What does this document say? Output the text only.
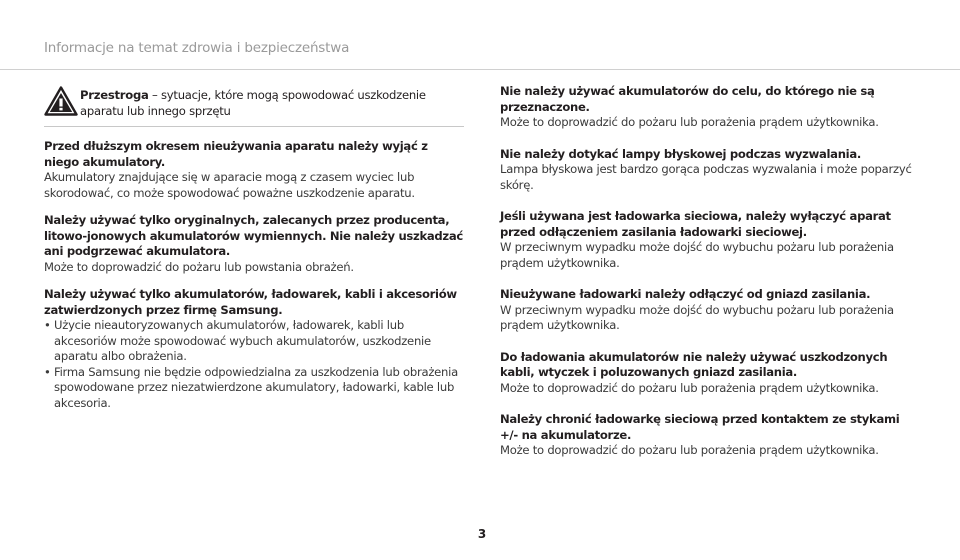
Informacje na temat zdrowia i bezpieczeństwa
Przestroga – sytuacje, które mogą spowodować uszkodzenie aparatu lub innego sprzętu
Przed dłuższym okresem nieużywania aparatu należy wyjąć z niego akumulatory.
Akumulatory znajdujące się w aparacie mogą z czasem wyciec lub skorodować, co może spowodować poważne uszkodzenie aparatu.
Należy używać tylko oryginalnych, zalecanych przez producenta, litowo-jonowych akumulatorów wymiennych. Nie należy uszkadzać ani podgrzewać akumulatora.
Może to doprowadzić do pożaru lub powstania obrażeń.
Należy używać tylko akumulatorów, ładowarek, kabli i akcesoriów zatwierdzonych przez firmę Samsung.
• Użycie nieautoryzowanych akumulatorów, ładowarek, kabli lub akcesoriów może spowodować wybuch akumulatorów, uszkodzenie aparatu albo obrażenia.
• Firma Samsung nie będzie odpowiedzialna za uszkodzenia lub obrażenia spowodowane przez niezatwierdzone akumulatory, ładowarki, kable lub akcesoria.
Nie należy używać akumulatorów do celu, do którego nie są przeznaczone.
Może to doprowadzić do pożaru lub porażenia prądem użytkownika.
Nie należy dotykać lampy błyskowej podczas wyzwalania.
Lampa błyskowa jest bardzo gorąca podczas wyzwalania i może poparzyć skórę.
Jeśli używana jest ładowarka sieciowa, należy wyłączyć aparat przed odłączeniem zasilania ładowarki sieciowej.
W przeciwnym wypadku może dojść do wybuchu pożaru lub porażenia prądem użytkownika.
Nieużywane ładowarki należy odłączyć od gniazd zasilania.
W przeciwnym wypadku może dojść do wybuchu pożaru lub porażenia prądem użytkownika.
Do ładowania akumulatorów nie należy używać uszkodzonych kabli, wtyczek i poluzowanych gniazd zasilania.
Może to doprowadzić do pożaru lub porażenia prądem użytkownika.
Należy chronić ładowarkę sieciową przed kontaktem ze stykami +/- na akumulatorze.
Może to doprowadzić do pożaru lub porażenia prądem użytkownika.
3
